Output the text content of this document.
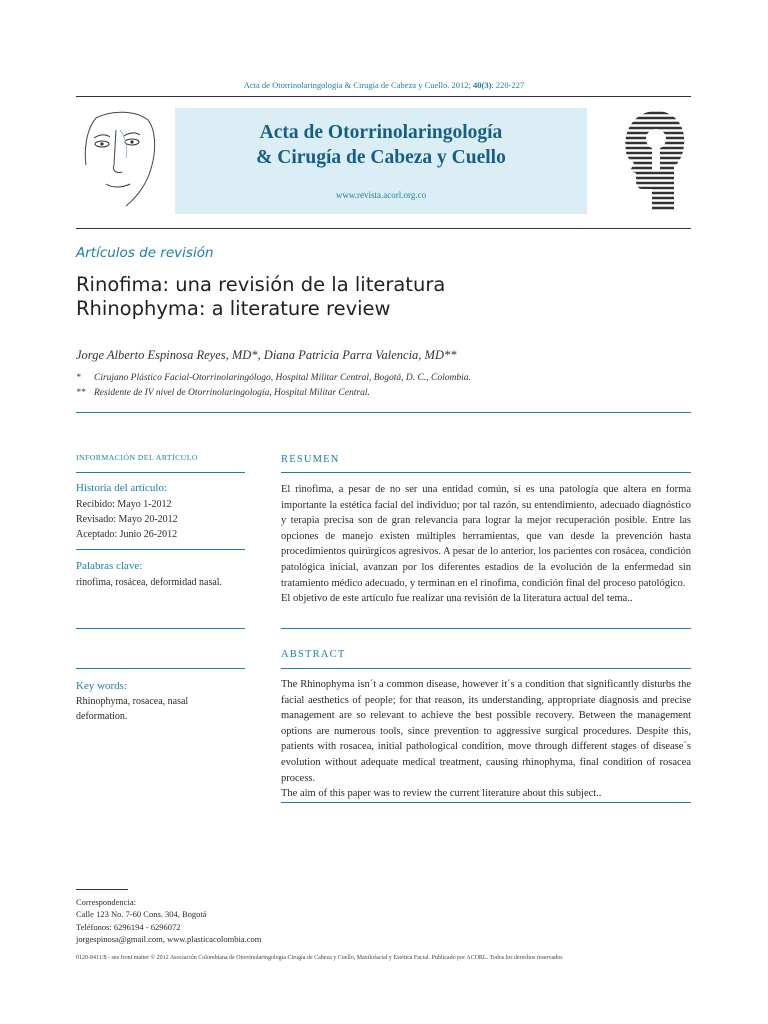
Acta de Otorrinolaringología & Cirugía de Cabeza y Cuello. 2012; 40(3): 220-227
Acta de Otorrinolaringología
& Cirugía de Cabeza y Cuello
www.revista.acorl.org.co
Artículos de revisión
Rinofima: una revisión de la literatura
Rhinophyma: a literature review
Jorge Alberto Espinosa Reyes, MD*, Diana Patricia Parra Valencia, MD**
* Cirujano Plástico Facial-Otorrinolaringólogo, Hospital Militar Central, Bogotá, D. C., Colombia.
** Residente de IV nivel de Otorrinolaringología, Hospital Militar Central.
INFORMACIÓN DEL ARTÍCULO
Historia del artículo:
Recibido: Mayo 1-2012
Revisado: Mayo 20-2012
Aceptado: Junio 26-2012
Palabras clave:
rinofima, rosácea, deformidad nasal.
Key words:
Rhinophyma, rosacea, nasal
deformation.
RESUMEN

El rinofima, a pesar de no ser una entidad común, sí es una patología que altera en forma importante la estética facial del individuo; por tal razón, su entendimiento, adecuado diagnóstico y terapia precisa son de gran relevancia para lograr la mejor recuperación posible. Entre las opciones de manejo existen múltiples herramientas, que van desde la prevención hasta procedimientos quirúrgicos agresivos. A pesar de lo anterior, los pacientes con rosácea, condición patológica inicial, avanzan por los diferentes estadios de la evolución de la enfermedad sin tratamiento médico adecuado, y terminan en el rinofima, condición final del proceso patológico.

El objetivo de este artículo fue realizar una revisión de la literatura actual del tema..

ABSTRACT

The Rhinophyma isn´t a common disease, however it´s a condition that significantly disturbs the facial aesthetics of people; for that reason, its understanding, appropriate diagnosis and precise management are so relevant to achieve the best possible recovery. Between the management options are numerous tools, since prevention to aggressive surgical procedures. Despite this, patients with rosacea, initial pathological condition, move through different stages of disease´s evolution without adequate medical treatment, causing rhinophyma, final condition of rosacea process.

The aim of this paper was to review the current literature about this subject..

Correspondencia:
Calle 123 No. 7-60 Cons. 304, Bogotá
Teléfonos: 6296194 - 6296072
jorgespinosa@gmail.com, www.plasticacolombia.com
0120-8411/$ - see front matter © 2012 Asociación Colombiana de Otorrinolaringología Cirugía de Cabeza y Cuello, Maxilofacial y Estética Facial. Publicado por ACORL. Todos los derechos reservados
